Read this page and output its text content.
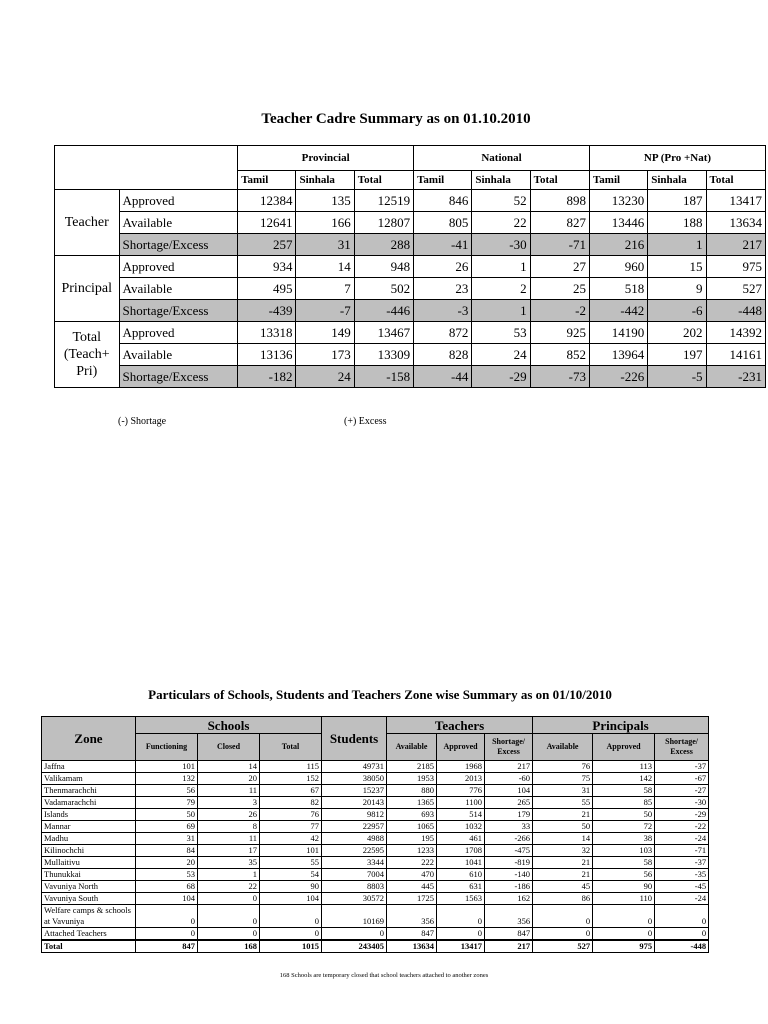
Teacher Cadre Summary as on 01.10.2010
		Provincial			National			NP (Pro +Nat)		
		Tamil	Sinhala	Total	Tamil	Sinhala	Total	Tamil	Sinhala	Total
Teacher	Approved	12384	135	12519	846	52	898	13230	187	13417
	Available	12641	166	12807	805	22	827	13446	188	13634
	Shortage/Excess	257	31	288	-41	-30	-71	216	1	217
Principal	Approved	934	14	948	26	1	27	960	15	975
	Available	495	7	502	23	2	25	518	9	527
	Shortage/Excess	-439	-7	-446	-3	1	-2	-442	-6	-448
Total (Teach+ Pri)	Approved	13318	149	13467	872	53	925	14190	202	14392
	Available	13136	173	13309	828	24	852	13964	197	14161
	Shortage/Excess	-182	24	-158	-44	-29	-73	-226	-5	-231
(-) Shortage	(+) Excess
Particulars of Schools, Students and Teachers Zone wise Summary as on 01/10/2010
Zone	Schools			Students	Teachers			Principals		
	Functioning	Closed	Total		Available	Approved	Shortage/ Excess	Available	Approved	Shortage/ Excess
Jaffna	101	14	115	49731	2185	1968	217	76	113	-37
Valikamam	132	20	152	38050	1953	2013	-60	75	142	-67
Thenmarachchi	56	11	67	15237	880	776	104	31	58	-27
Vadamarachchi	79	3	82	20143	1365	1100	265	55	85	-30
Islands	50	26	76	9812	693	514	179	21	50	-29
Mannar	69	8	77	22957	1065	1032	33	50	72	-22
Madhu	31	11	42	4988	195	461	-266	14	38	-24
Kilinochchi	84	17	101	22595	1233	1708	-475	32	103	-71
Mullaitivu	20	35	55	3344	222	1041	-819	21	58	-37
Thunukkai	53	1	54	7004	470	610	-140	21	56	-35
Vavuniya North	68	22	90	8803	445	631	-186	45	90	-45
Vavuniya South	104	0	104	30572	1725	1563	162	86	110	-24
Welfare camps & schools at Vavuniya	0	0	0	10169	356	0	356	0	0	0
Attached Teachers	0	0	0	0	847	0	847	0	0	0
Total	847	168	1015	243405	13634	13417	217	527	975	-448
168 Schools are temporary closed that school teachers attached to another zones
